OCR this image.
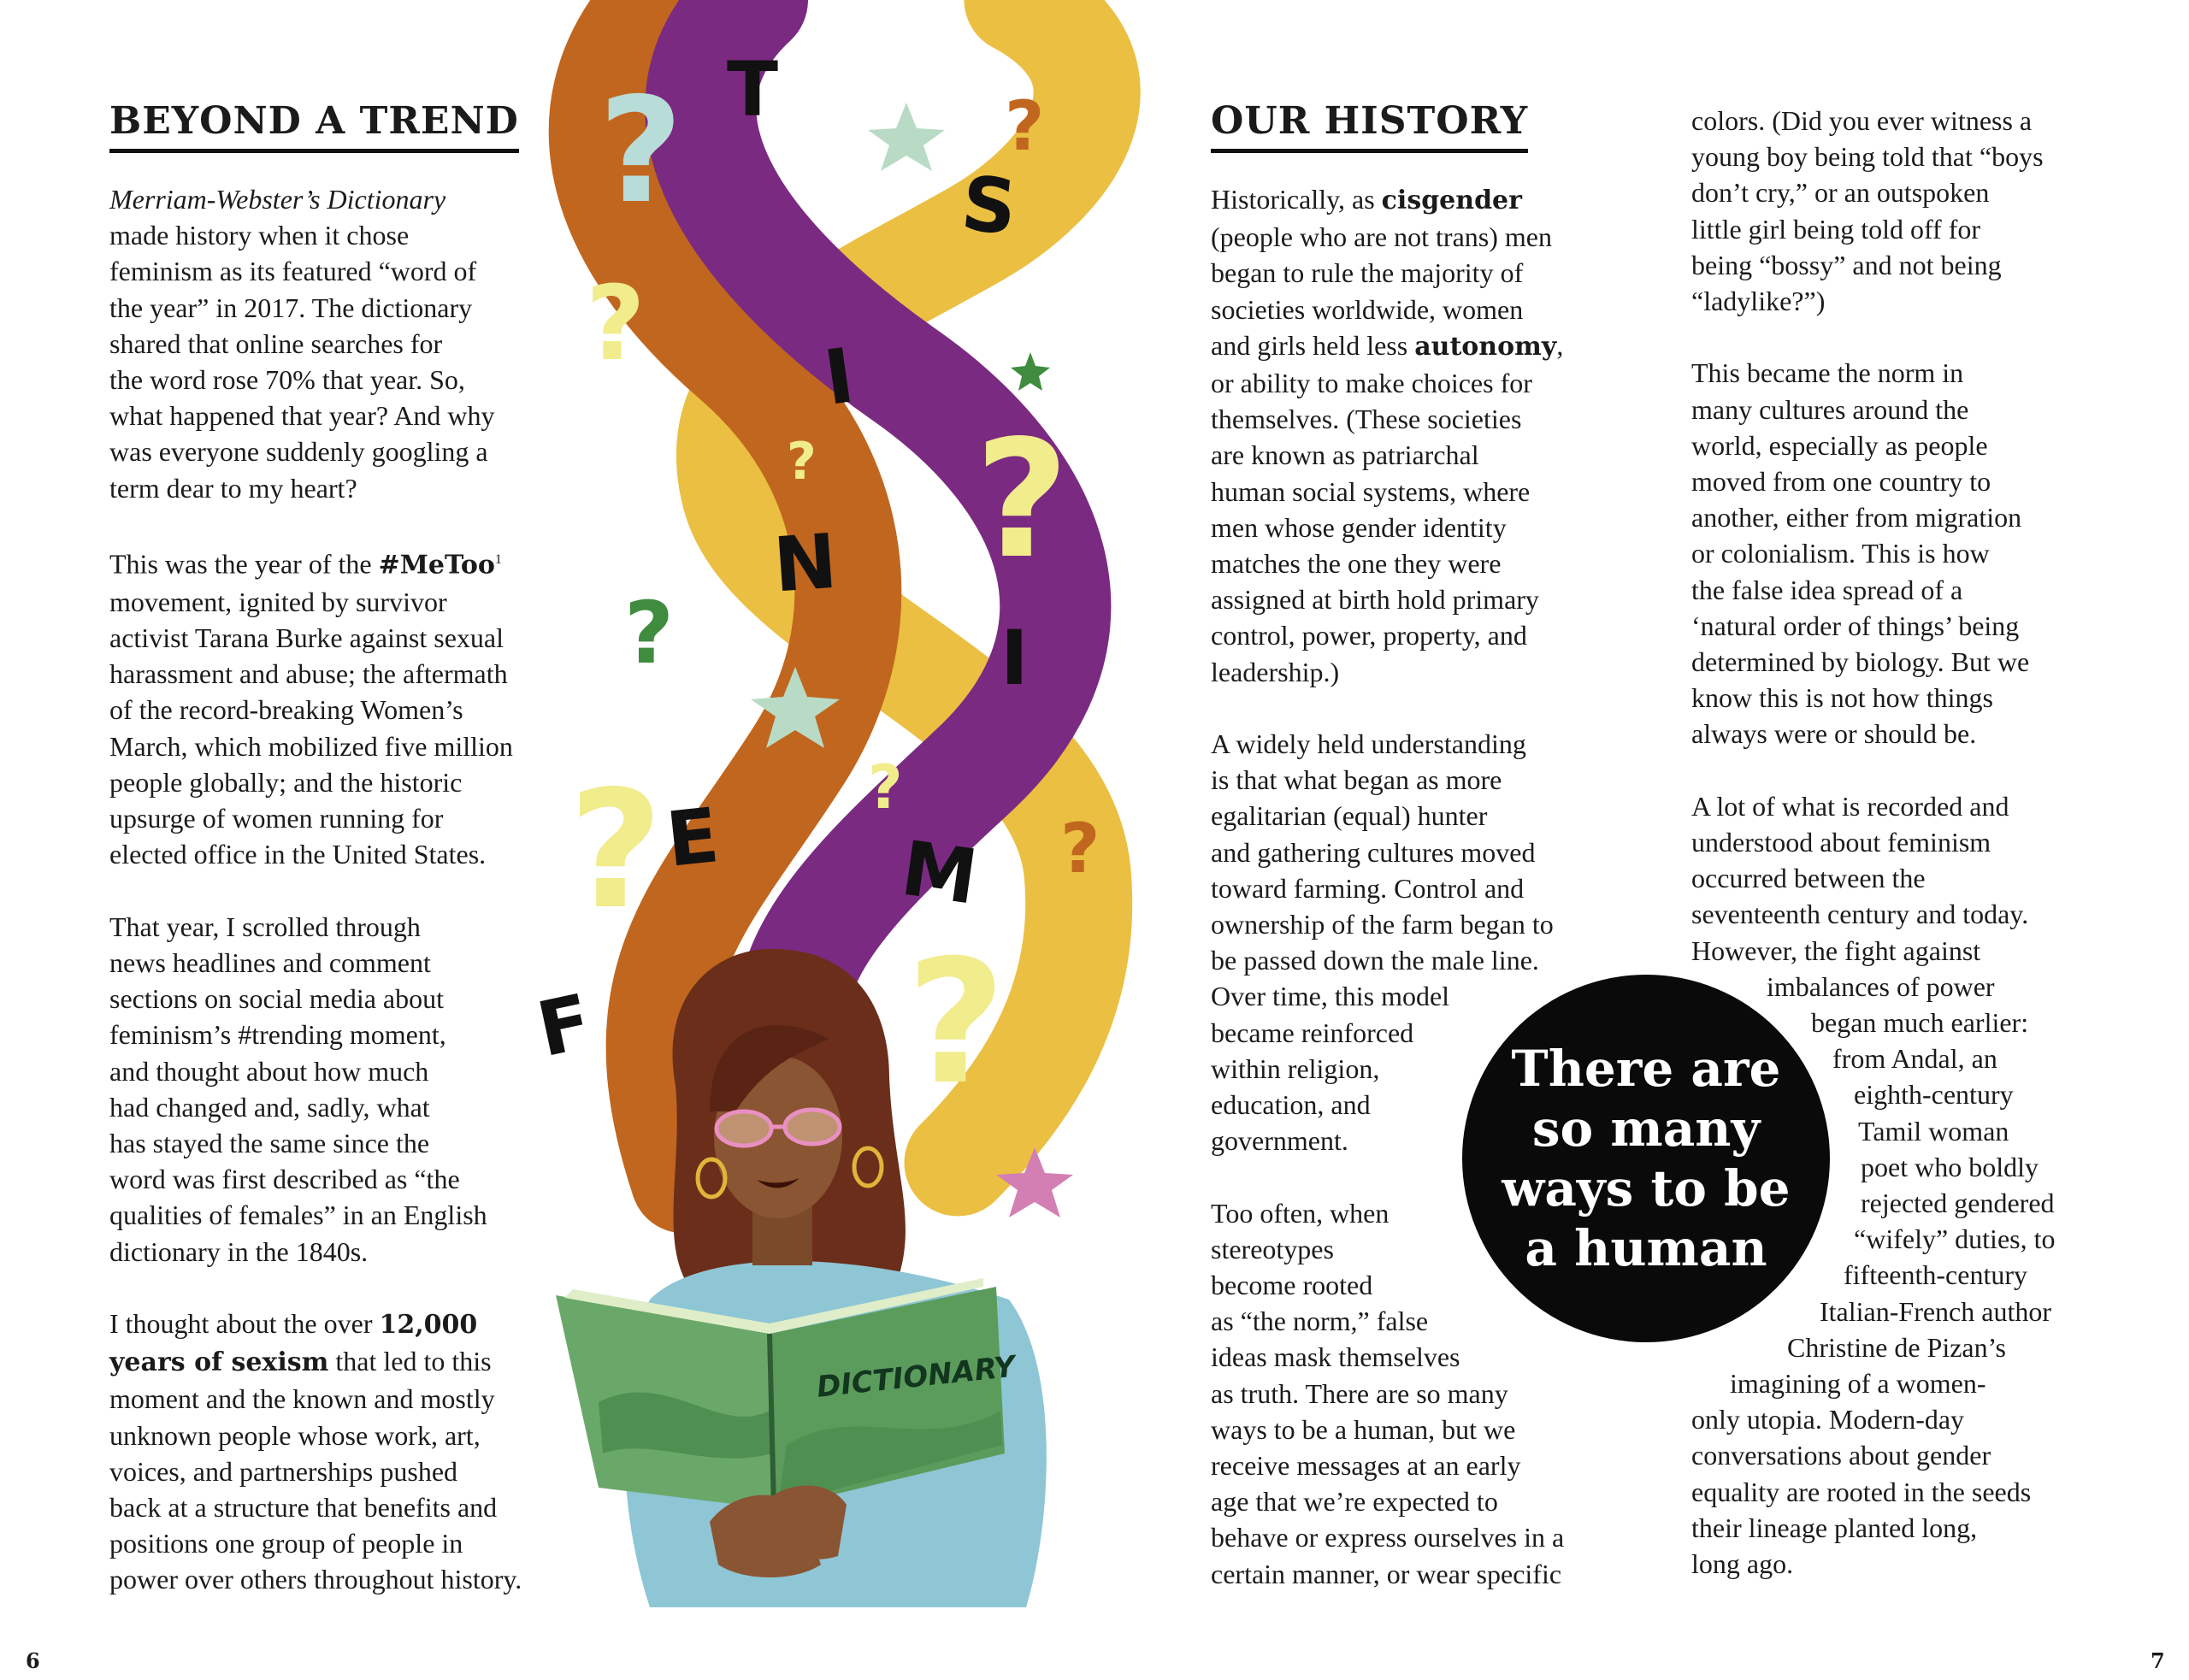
BEYOND A TREND

Merriam-Webster’s Dictionary
made history when it chose
feminism as its featured “word of
the year” in 2017. The dictionary
shared that online searches for
the word rose 70% that year. So,
what happened that year? And why
was everyone suddenly googling a
term dear to my heart?

This was the year of the #MeToo$^1$
movement, ignited by survivor
activist Tarana Burke against sexual
harassment and abuse; the aftermath
of the record-breaking Women’s
March, which mobilized five million
people globally; and the historic
upsurge of women running for
elected office in the United States.

That year, I scrolled through
news headlines and comment
sections on social media about
feminism’s #trending moment,
and thought about how much
had changed and, sadly, what
has stayed the same since the
word was first described as “the
qualities of females” in an English
dictionary in the 1840s.

I thought about the over 12,000
years of sexism that led to this
moment and the known and mostly
unknown people whose work, art,
voices, and partnerships pushed
back at a structure that benefits and
positions one group of people in
power over others throughout history.

6
?
?
?
?
?
?
?	?
?
?
F
E M
I
N
I
S
T
DICTIONARY
OUR HISTORY

Historically, as cisgender
(people who are not trans) men
began to rule the majority of
societies worldwide, women
and girls held less autonomy,
or ability to make choices for
themselves. (These societies
are known as patriarchal
human social systems, where
men whose gender identity
matches the one they were
assigned at birth hold primary
control, power, property, and
leadership.)

A widely held understanding
is that what began as more
egalitarian (equal) hunter
and gathering cultures moved
toward farming. Control and
ownership of the farm began to
be passed down the male line.
Over time, this model
became reinforced
within religion,
education, and
government.

Too often, when
stereotypes
become rooted
as “the norm,” false
ideas mask themselves
as truth. There are so many
ways to be a human, but we
receive messages at an early
age that we’re expected to
behave or express ourselves in a
certain manner, or wear specific

colors. (Did you ever witness a
young boy being told that “boys
don’t cry,” or an outspoken
little girl being told off for
being “bossy” and not being
“ladylike?”)

This became the norm in
many cultures around the
world, especially as people
moved from one country to
another, either from migration
or colonialism. This is how
the false idea spread of a
‘natural order of things’ being
determined by biology. But we
know this is not how things
always were or should be.

A lot of what is recorded and
understood about feminism
occurred between the
seventeenth century and today.
However, the fight against
imbalances of power
began much earlier:
from Andal, an
eighth-century
Tamil woman
poet who boldly
rejected gendered
“wifely” duties, to
fifteenth-century
Italian-French author
Christine de Pizan’s
imagining of a women-
only utopia. Modern-day
conversations about gender
equality are rooted in the seeds
their lineage planted long,
long ago.

There are so many ways to be a human
7
